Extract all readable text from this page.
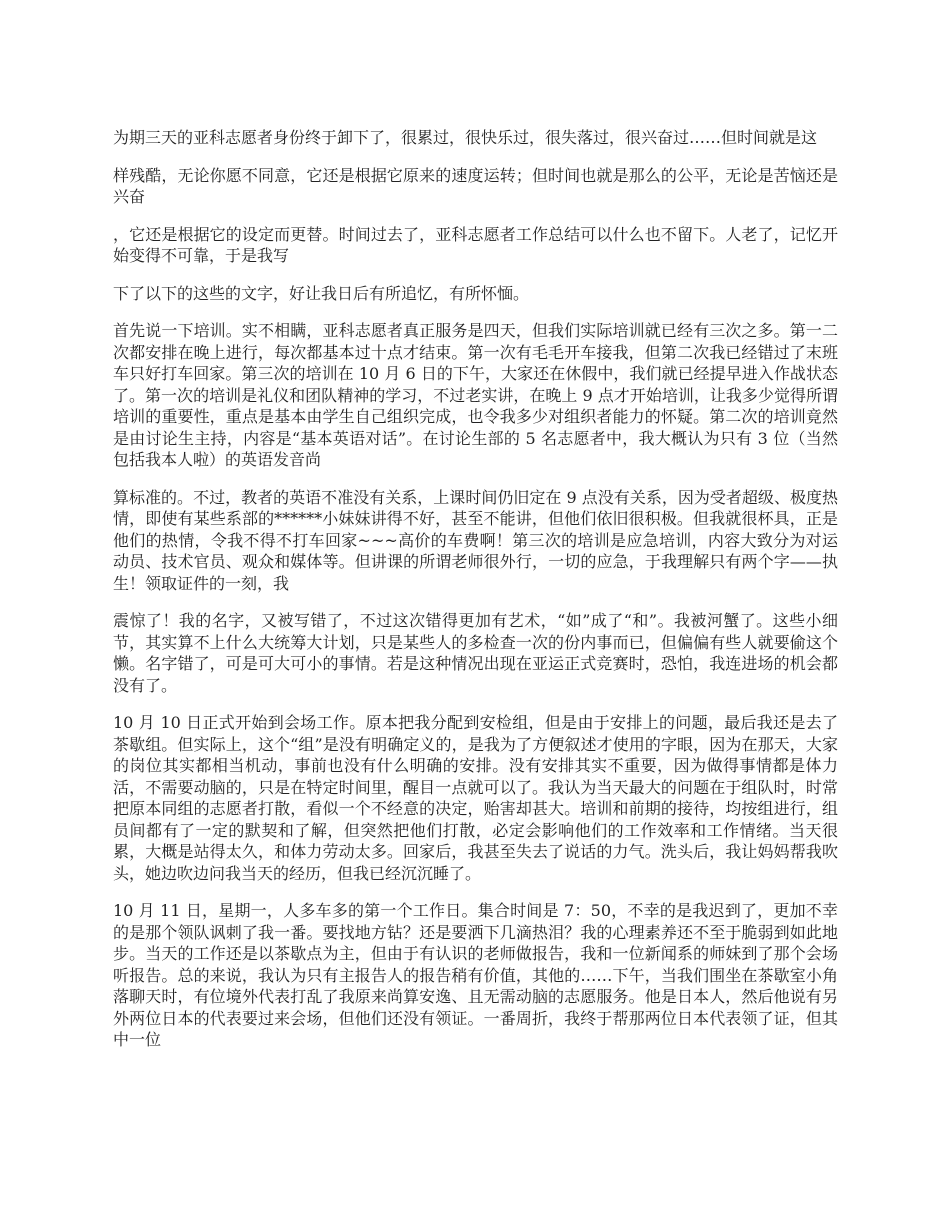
为期三天的亚科志愿者身份终于卸下了，很累过，很快乐过，很失落过，很兴奋过……但时间就是这

样残酷，无论你愿不同意，它还是根据它原来的速度运转；但时间也就是那么的公平，无论是苦恼还是兴奋

，它还是根据它的设定而更替。时间过去了，亚科志愿者工作总结可以什么也不留下。人老了，记忆开始变得不可靠，于是我写

下了以下的这些的文字，好让我日后有所追忆，有所怀愐。

首先说一下培训。实不相瞒，亚科志愿者真正服务是四天，但我们实际培训就已经有三次之多。第一二次都安排在晚上进行，每次都基本过十点才结束。第一次有毛毛开车接我，但第二次我已经错过了末班车只好打车回家。第三次的培训在 10 月 6 日的下午，大家还在休假中，我们就已经提早进入作战状态了。第一次的培训是礼仪和团队精神的学习，不过老实讲，在晚上 9 点才开始培训，让我多少觉得所谓培训的重要性，重点是基本由学生自己组织完成，也令我多少对组织者能力的怀疑。第二次的培训竟然是由讨论生主持，内容是“基本英语对话”。在讨论生部的 5 名志愿者中，我大概认为只有 3 位（当然包括我本人啦）的英语发音尚

算标准的。不过，教者的英语不准没有关系，上课时间仍旧定在 9 点没有关系，因为受者超级、极度热情，即使有某些系部的******小妹妹讲得不好，甚至不能讲，但他们依旧很积极。但我就很杯具，正是他们的热情，令我不得不打车回家~~~高价的车费啊！第三次的培训是应急培训，内容大致分为对运动员、技术官员、观众和媒体等。但讲课的所谓老师很外行，一切的应急，于我理解只有两个字——执生！领取证件的一刻，我

震惊了！我的名字，又被写错了，不过这次错得更加有艺术，“如”成了“和”。我被河蟹了。这些小细节，其实算不上什么大统筹大计划，只是某些人的多检查一次的份内事而已，但偏偏有些人就要偷这个懒。名字错了，可是可大可小的事情。若是这种情况出现在亚运正式竞赛时，恐怕，我连进场的机会都没有了。

10 月 10 日正式开始到会场工作。原本把我分配到安检组，但是由于安排上的问题，最后我还是去了茶歇组。但实际上，这个“组”是没有明确定义的，是我为了方便叙述才使用的字眼，因为在那天，大家的岗位其实都相当机动，事前也没有什么明确的安排。没有安排其实不重要，因为做得事情都是体力活，不需要动脑的，只是在特定时间里，醒目一点就可以了。我认为当天最大的问题在于组队时，时常把原本同组的志愿者打散，看似一个不经意的决定，贻害却甚大。培训和前期的接待，均按组进行，组员间都有了一定的默契和了解，但突然把他们打散，必定会影响他们的工作效率和工作情绪。当天很累，大概是站得太久，和体力劳动太多。回家后，我甚至失去了说话的力气。洗头后，我让妈妈帮我吹头，她边吹边问我当天的经历，但我已经沉沉睡了。

10 月 11 日，星期一，人多车多的第一个工作日。集合时间是 7：50，不幸的是我迟到了，更加不幸的是那个领队讽刺了我一番。要找地方钻？还是要洒下几滴热泪？我的心理素养还不至于脆弱到如此地步。当天的工作还是以茶歇点为主，但由于有认识的老师做报告，我和一位新闻系的师妹到了那个会场听报告。总的来说，我认为只有主报告人的报告稍有价值，其他的……下午，当我们围坐在茶歇室小角落聊天时，有位境外代表打乱了我原来尚算安逸、且无需动脑的志愿服务。他是日本人，然后他说有另外两位日本的代表要过来会场，但他们还没有领证。一番周折，我终于帮那两位日本代表领了证，但其中一位
